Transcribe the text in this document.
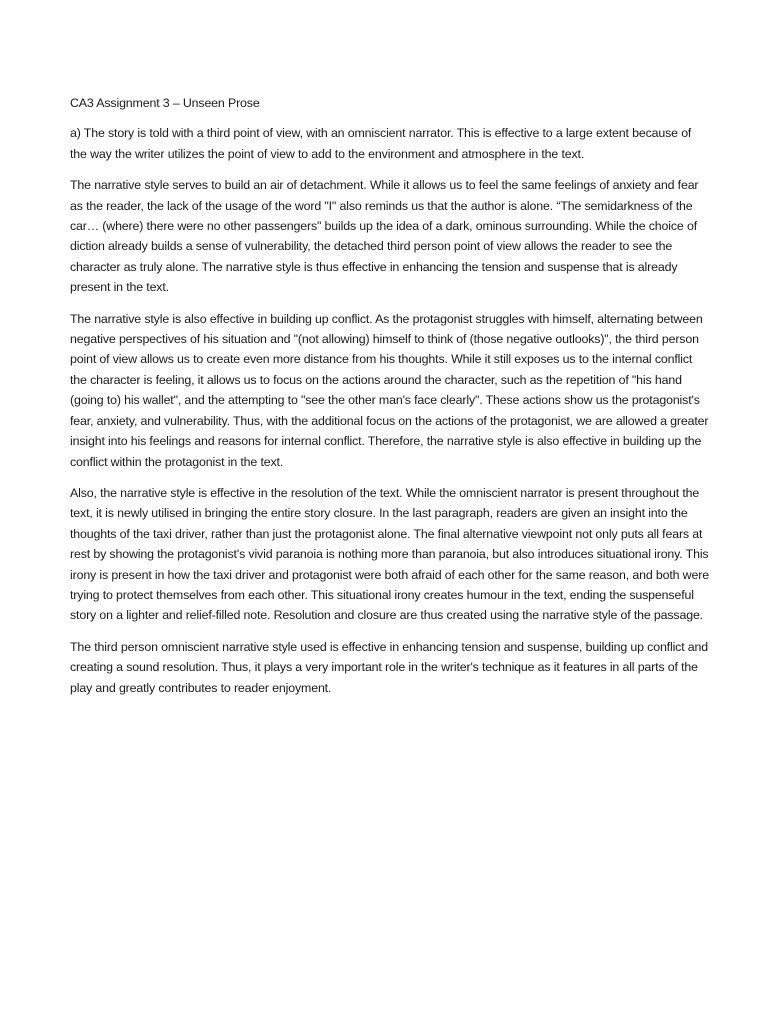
CA3 Assignment 3 – Unseen Prose

a) The story is told with a third point of view, with an omniscient narrator. This is effective to a large extent because of the way the writer utilizes the point of view to add to the environment and atmosphere in the text.

The narrative style serves to build an air of detachment. While it allows us to feel the same feelings of anxiety and fear as the reader, the lack of the usage of the word "I" also reminds us that the author is alone. “The semidarkness of the car… (where) there were no other passengers" builds up the idea of a dark, ominous surrounding. While the choice of diction already builds a sense of vulnerability, the detached third person point of view allows the reader to see the character as truly alone. The narrative style is thus effective in enhancing the tension and suspense that is already present in the text.

The narrative style is also effective in building up conflict. As the protagonist struggles with himself, alternating between negative perspectives of his situation and "(not allowing) himself to think of (those negative outlooks)", the third person point of view allows us to create even more distance from his thoughts. While it still exposes us to the internal conflict the character is feeling, it allows us to focus on the actions around the character, such as the repetition of "his hand (going to) his wallet", and the attempting to "see the other man's face clearly". These actions show us the protagonist's fear, anxiety, and vulnerability. Thus, with the additional focus on the actions of the protagonist, we are allowed a greater insight into his feelings and reasons for internal conflict. Therefore, the narrative style is also effective in building up the conflict within the protagonist in the text.

Also, the narrative style is effective in the resolution of the text. While the omniscient narrator is present throughout the text, it is newly utilised in bringing the entire story closure. In the last paragraph, readers are given an insight into the thoughts of the taxi driver, rather than just the protagonist alone. The final alternative viewpoint not only puts all fears at rest by showing the protagonist's vivid paranoia is nothing more than paranoia, but also introduces situational irony. This irony is present in how the taxi driver and protagonist were both afraid of each other for the same reason, and both were trying to protect themselves from each other. This situational irony creates humour in the text, ending the suspenseful story on a lighter and relief-filled note. Resolution and closure are thus created using the narrative style of the passage.

The third person omniscient narrative style used is effective in enhancing tension and suspense, building up conflict and creating a sound resolution. Thus, it plays a very important role in the writer's technique as it features in all parts of the play and greatly contributes to reader enjoyment.
